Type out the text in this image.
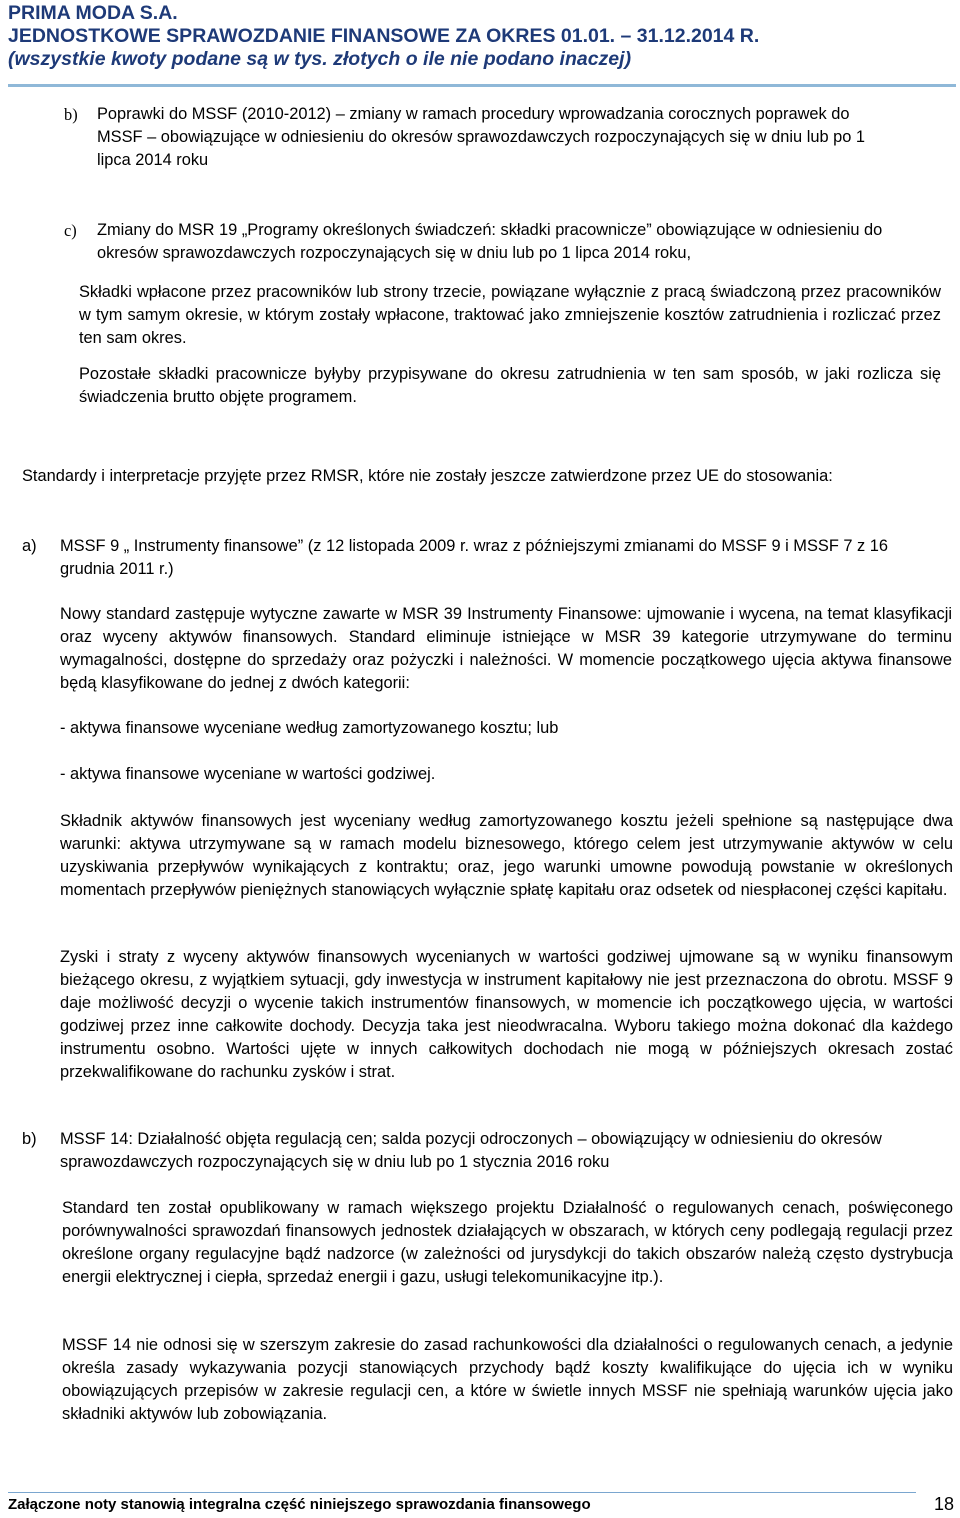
PRIMA MODA S.A.
JEDNOSTKOWE SPRAWOZDANIE FINANSOWE ZA OKRES 01.01. – 31.12.2014 R.
(wszystkie kwoty podane są w tys. złotych o ile nie podano inaczej)
b) Poprawki do MSSF (2010-2012) – zmiany w ramach procedury wprowadzania corocznych poprawek do MSSF – obowiązujące w odniesieniu do okresów sprawozdawczych rozpoczynających się w dniu lub po 1 lipca 2014 roku

c) Zmiany do MSR 19 „Programy określonych świadczeń: składki pracownicze” obowiązujące w odniesieniu do okresów sprawozdawczych rozpoczynających się w dniu lub po 1 lipca 2014 roku,

Składki wpłacone przez pracowników lub strony trzecie, powiązane wyłącznie z pracą świadczoną przez pracowników w tym samym okresie, w którym zostały wpłacone, traktować jako zmniejszenie kosztów zatrudnienia i rozliczać przez ten sam okres.

Pozostałe składki pracownicze byłyby przypisywane do okresu zatrudnienia w ten sam sposób, w jaki rozlicza się świadczenia brutto objęte programem.

Standardy i interpretacje przyjęte przez RMSR, które nie zostały jeszcze zatwierdzone przez UE do stosowania:

a) MSSF 9 „ Instrumenty finansowe” (z 12 listopada 2009 r. wraz z późniejszymi zmianami do MSSF 9 i MSSF 7 z 16 grudnia 2011 r.)

Nowy standard zastępuje wytyczne zawarte w MSR 39 Instrumenty Finansowe: ujmowanie i wycena, na temat klasyfikacji oraz wyceny aktywów finansowych. Standard eliminuje istniejące w MSR 39 kategorie utrzymywane do terminu wymagalności, dostępne do sprzedaży oraz pożyczki i należności. W momencie początkowego ujęcia aktywa finansowe będą klasyfikowane do jednej z dwóch kategorii:

- aktywa finansowe wyceniane według zamortyzowanego kosztu; lub

- aktywa finansowe wyceniane w wartości godziwej.

Składnik aktywów finansowych jest wyceniany według zamortyzowanego kosztu jeżeli spełnione są następujące dwa warunki: aktywa utrzymywane są w ramach modelu biznesowego, którego celem jest utrzymywanie aktywów w celu uzyskiwania przepływów wynikających z kontraktu; oraz, jego warunki umowne powodują powstanie w określonych momentach przepływów pieniężnych stanowiących wyłącznie spłatę kapitału oraz odsetek od niespłaconej części kapitału.

Zyski i straty z wyceny aktywów finansowych wycenianych w wartości godziwej ujmowane są w wyniku finansowym bieżącego okresu, z wyjątkiem sytuacji, gdy inwestycja w instrument kapitałowy nie jest przeznaczona do obrotu. MSSF 9 daje możliwość decyzji o wycenie takich instrumentów finansowych, w momencie ich początkowego ujęcia, w wartości godziwej przez inne całkowite dochody. Decyzja taka jest nieodwracalna. Wyboru takiego można dokonać dla każdego instrumentu osobno. Wartości ujęte w innych całkowitych dochodach nie mogą w późniejszych okresach zostać przekwalifikowane do rachunku zysków i strat.

b) MSSF 14: Działalność objęta regulacją cen; salda pozycji odroczonych – obowiązujący w odniesieniu do okresów sprawozdawczych rozpoczynających się w dniu lub po 1 stycznia 2016 roku

Standard ten został opublikowany w ramach większego projektu Działalność o regulowanych cenach, poświęconego porównywalności sprawozdań finansowych jednostek działających w obszarach, w których ceny podlegają regulacji przez określone organy regulacyjne bądź nadzorce (w zależności od jurysdykcji do takich obszarów należą często dystrybucja energii elektrycznej i ciepła, sprzedaż energii i gazu, usługi telekomunikacyjne itp.).

MSSF 14 nie odnosi się w szerszym zakresie do zasad rachunkowości dla działalności o regulowanych cenach, a jedynie określa zasady wykazywania pozycji stanowiących przychody bądź koszty kwalifikujące do ujęcia ich w wyniku obowiązujących przepisów w zakresie regulacji cen, a które w świetle innych MSSF nie spełniają warunków ujęcia jako składniki aktywów lub zobowiązania.

Załączone noty stanowią integralna część niniejszego sprawozdania finansowego	18
